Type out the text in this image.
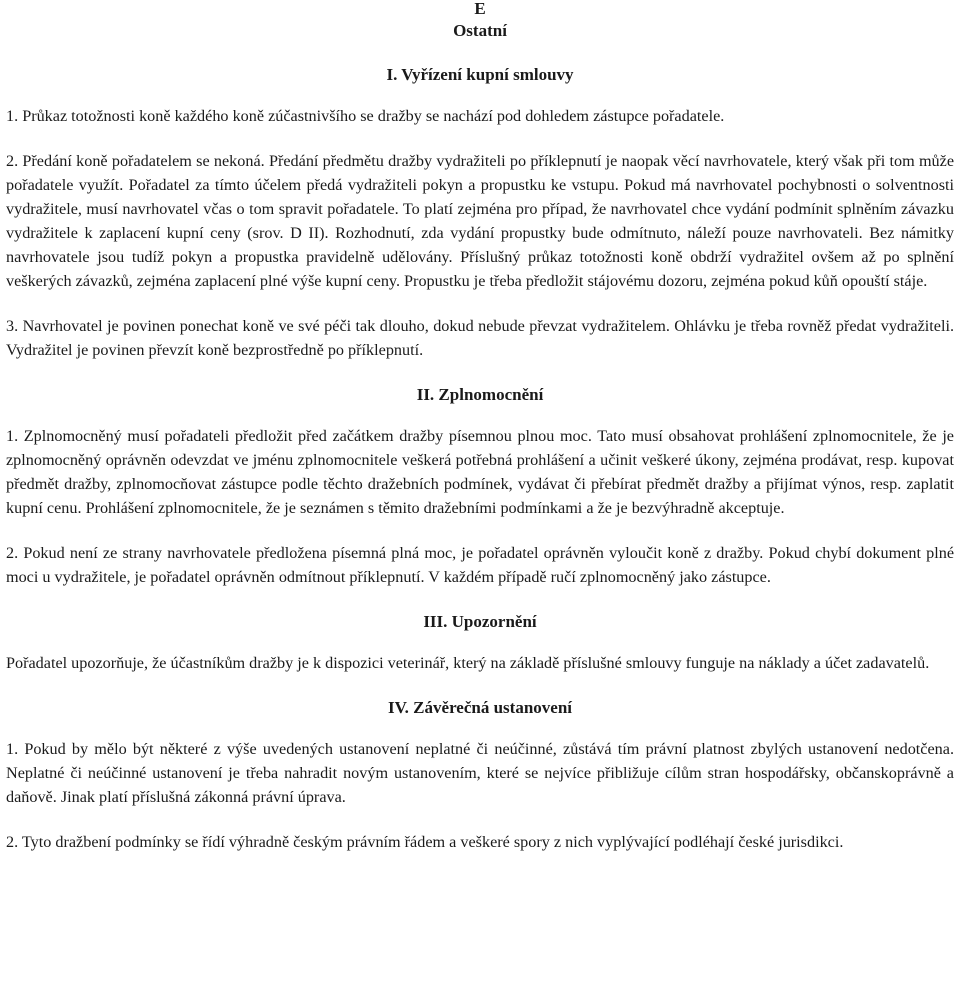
E
Ostatní
I. Vyřízení kupní smlouvy

1. Průkaz totožnosti koně každého koně zúčastnivšího se dražby se nachází pod dohledem zástupce pořadatele.

2. Předání koně pořadatelem se nekoná. Předání předmětu dražby vydražiteli po příklepnutí je naopak věcí navrhovatele, který však při tom může pořadatele využít. Pořadatel za tímto účelem předá vydražiteli pokyn a propustku ke vstupu. Pokud má navrhovatel pochybnosti o solventnosti vydražitele, musí navrhovatel včas o tom spravit pořadatele. To platí zejména pro případ, že navrhovatel chce vydání podmínit splněním závazku vydražitele k zaplacení kupní ceny (srov. D II). Rozhodnutí, zda vydání propustky bude odmítnuto, náleží pouze navrhovateli. Bez námitky navrhovatele jsou tudíž pokyn a propustka pravidelně udělovány. Příslušný průkaz totožnosti koně obdrží vydražitel ovšem až po splnění veškerých závazků, zejména zaplacení plné výše kupní ceny. Propustku je třeba předložit stájovému dozoru, zejména pokud kůň opouští stáje.

3. Navrhovatel je povinen ponechat koně ve své péči tak dlouho, dokud nebude převzat vydražitelem. Ohlávku je třeba rovněž předat vydražiteli. Vydražitel je povinen převzít koně bezprostředně po příklepnutí.

II. Zplnomocnění

1. Zplnomocněný musí pořadateli předložit před začátkem dražby písemnou plnou moc. Tato musí obsahovat prohlášení zplnomocnitele, že je zplnomocněný oprávněn odevzdat ve jménu zplnomocnitele veškerá potřebná prohlášení a učinit veškeré úkony, zejména prodávat, resp. kupovat předmět dražby, zplnomocňovat zástupce podle těchto dražebních podmínek, vydávat či přebírat předmět dražby a přijímat výnos, resp. zaplatit kupní cenu. Prohlášení zplnomocnitele, že je seznámen s těmito dražebními podmínkami a že je bezvýhradně akceptuje.

2. Pokud není ze strany navrhovatele předložena písemná plná moc, je pořadatel oprávněn vyloučit koně z dražby. Pokud chybí dokument plné moci u vydražitele, je pořadatel oprávněn odmítnout příklepnutí. V každém případě ručí zplnomocněný jako zástupce.

III. Upozornění

Pořadatel upozorňuje, že účastníkům dražby je k dispozici veterinář, který na základě příslušné smlouvy funguje na náklady a účet zadavatelů.

IV. Závěrečná ustanovení

1. Pokud by mělo být některé z výše uvedených ustanovení neplatné či neúčinné, zůstává tím právní platnost zbylých ustanovení nedotčena. Neplatné či neúčinné ustanovení je třeba nahradit novým ustanovením, které se nejvíce přibližuje cílům stran hospodářsky, občanskoprávně a daňově. Jinak platí příslušná zákonná právní úprava.

2. Tyto dražbení podmínky se řídí výhradně českým právním řádem a veškeré spory z nich vyplývající podléhají české jurisdikci.
